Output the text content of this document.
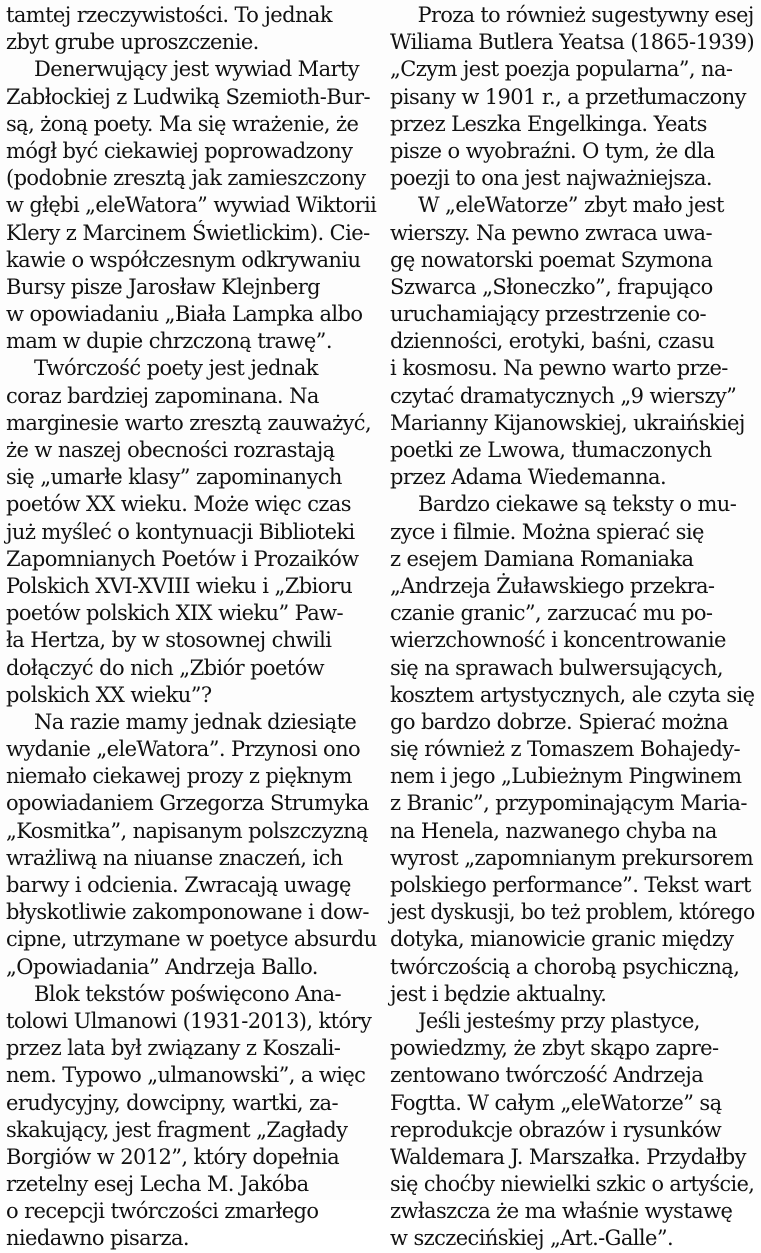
tamtej rzeczywistości. To jednak
zbyt grube uproszczenie.
Denerwujący jest wywiad Marty
Zabłockiej z Ludwiką Szemioth-Bur-
są, żoną poety. Ma się wrażenie, że
mógł być ciekawiej poprowadzony
(podobnie zresztą jak zamieszczony
w głębi „eleWatora” wywiad Wiktorii
Klery z Marcinem Świetlickim). Cie-
kawie o współczesnym odkrywaniu
Bursy pisze Jarosław Klejnberg
w opowiadaniu „Biała Lampka albo
mam w dupie chrzczoną trawę”.
Twórczość poety jest jednak
coraz bardziej zapominana. Na
marginesie warto zresztą zauważyć,
że w naszej obecności rozrastają
się „umarłe klasy” zapominanych
poetów XX wieku. Może więc czas
już myśleć o kontynuacji Biblioteki
Zapomnianych Poetów i Prozaików
Polskich XVI-XVIII wieku i „Zbioru
poetów polskich XIX wieku” Paw-
ła Hertza, by w stosownej chwili
dołączyć do nich „Zbiór poetów
polskich XX wieku”?
Na razie mamy jednak dziesiąte
wydanie „eleWatora”. Przynosi ono
niemało ciekawej prozy z pięknym
opowiadaniem Grzegorza Strumyka
„Kosmitka”, napisanym polszczyzną
wrażliwą na niuanse znaczeń, ich
barwy i odcienia. Zwracają uwagę
błyskotliwie zakomponowane i dow-
cipne, utrzymane w poetyce absurdu
„Opowiadania” Andrzeja Ballo.
Blok tekstów poświęcono Ana-
tolowi Ulmanowi (1931-2013), który
przez lata był związany z Koszali-
nem. Typowo „ulmanowski”, a więc
erudycyjny, dowcipny, wartki, za-
skakujący, jest fragment „Zagłady
Borgiów w 2012”, który dopełnia
rzetelny esej Lecha M. Jakóba
o recepcji twórczości zmarłego
niedawno pisarza.
Proza to również sugestywny esej
Wiliama Butlera Yeatsa (1865-1939)
„Czym jest poezja popularna”, na-
pisany w 1901 r., a przetłumaczony
przez Leszka Engelkinga. Yeats
pisze o wyobraźni. O tym, że dla
poezji to ona jest najważniejsza.
W „eleWatorze” zbyt mało jest
wierszy. Na pewno zwraca uwa-
gę nowatorski poemat Szymona
Szwarca „Słoneczko”, frapująco
uruchamiający przestrzenie co-
dzienności, erotyki, baśni, czasu
i kosmosu. Na pewno warto prze-
czytać dramatycznych „9 wierszy”
Marianny Kijanowskiej, ukraińskiej
poetki ze Lwowa, tłumaczonych
przez Adama Wiedemanna.
Bardzo ciekawe są teksty o mu-
zyce i filmie. Można spierać się
z esejem Damiana Romaniaka
„Andrzeja Żuławskiego przekra-
czanie granic”, zarzucać mu po-
wierzchowność i koncentrowanie
się na sprawach bulwersujących,
kosztem artystycznych, ale czyta się
go bardzo dobrze. Spierać można
się również z Tomaszem Bohajedy-
nem i jego „Lubieżnym Pingwinem
z Branic”, przypominającym Maria-
na Henela, nazwanego chyba na
wyrost „zapomnianym prekursorem
polskiego performance”. Tekst wart
jest dyskusji, bo też problem, którego
dotyka, mianowicie granic między
twórczością a chorobą psychiczną,
jest i będzie aktualny.
Jeśli jesteśmy przy plastyce,
powiedzmy, że zbyt skąpo zapre-
zentowano twórczość Andrzeja
Fogtta. W całym „eleWatorze” są
reprodukcje obrazów i rysunków
Waldemara J. Marszałka. Przydałby
się choćby niewielki szkic o artyście,
zwłaszcza że ma właśnie wystawę
w szczecińskiej „Art.-Galle”.
